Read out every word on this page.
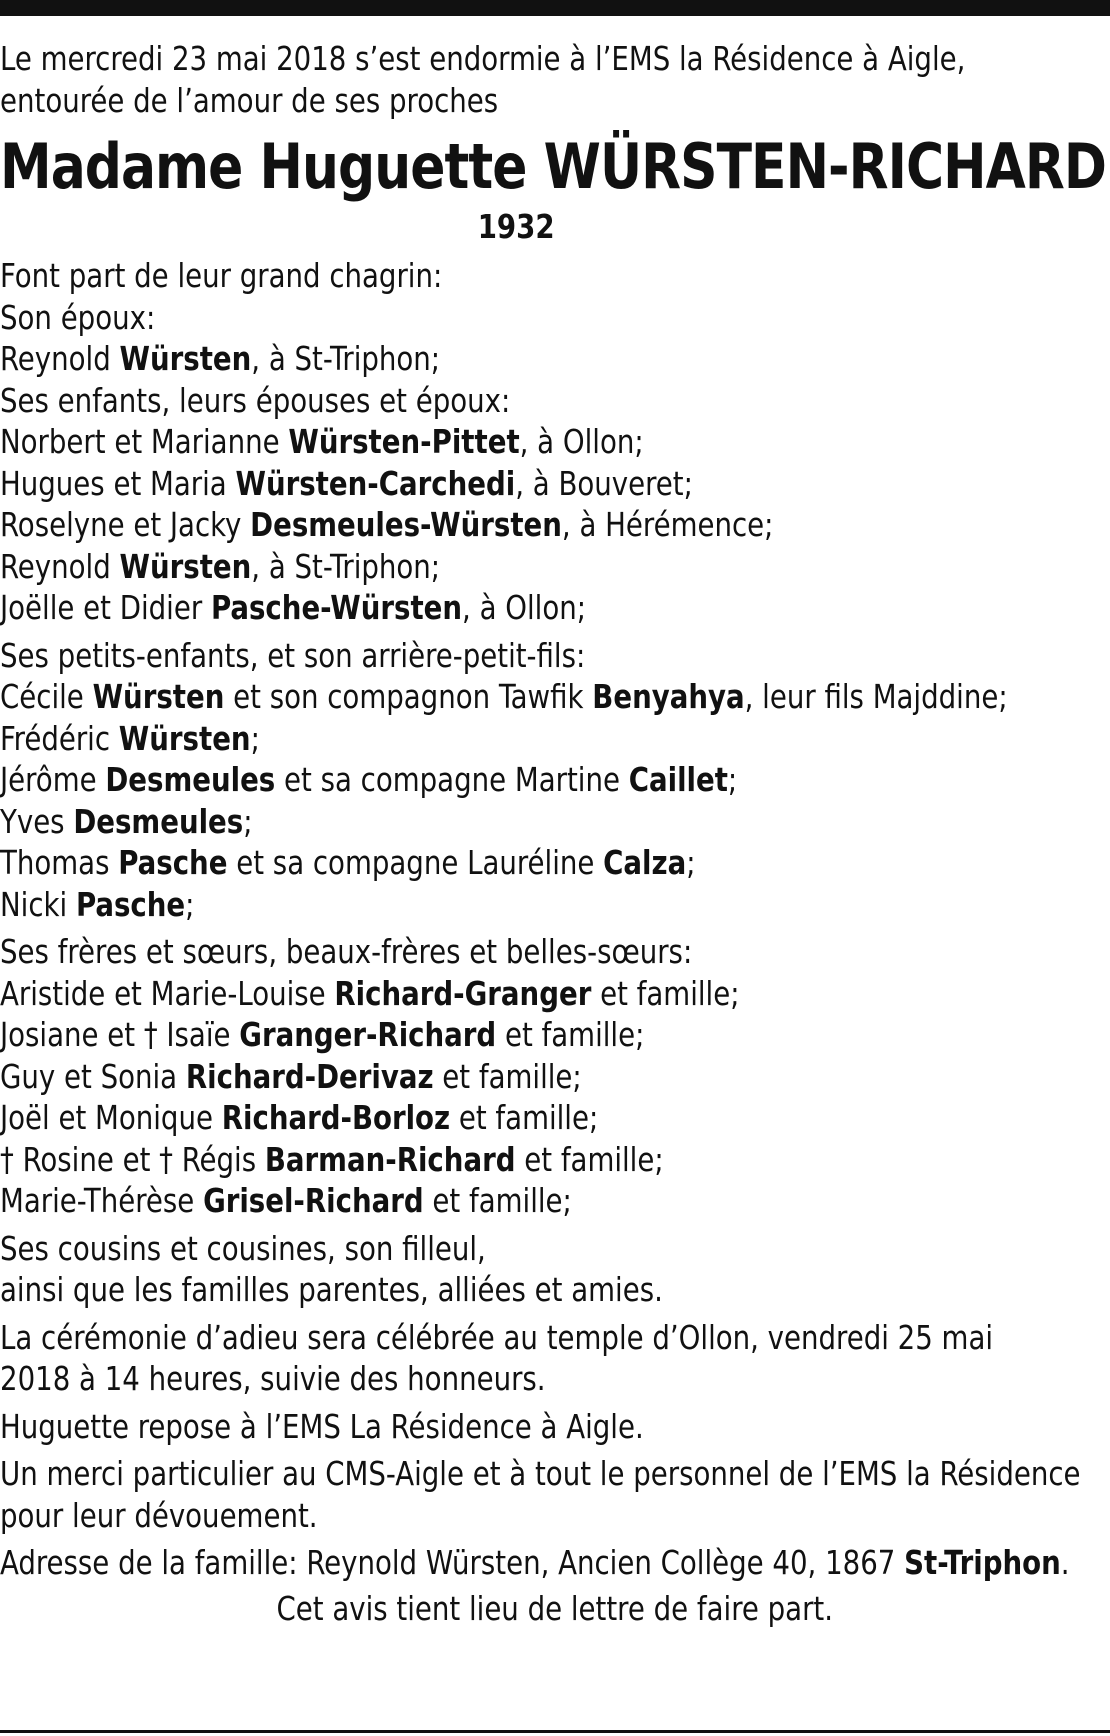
Le mercredi 23 mai 2018 s’est endormie à l’EMS la Résidence à Aigle,
entourée de l’amour de ses proches

Madame Huguette WÜRSTEN-RICHARD
1932
Font part de leur grand chagrin:
Son époux:
Reynold Würsten, à St-Triphon;
Ses enfants, leurs épouses et époux:
Norbert et Marianne Würsten-Pittet, à Ollon;
Hugues et Maria Würsten-Carchedi, à Bouveret;
Roselyne et Jacky Desmeules-Würsten, à Hérémence;
Reynold Würsten, à St-Triphon;
Joëlle et Didier Pasche-Würsten, à Ollon;
Ses petits-enfants, et son arrière-petit-fils:
Cécile Würsten et son compagnon Tawfik Benyahya, leur fils Majddine;
Frédéric Würsten;
Jérôme Desmeules et sa compagne Martine Caillet;
Yves Desmeules;
Thomas Pasche et sa compagne Lauréline Calza;
Nicki Pasche;
Ses frères et sœurs, beaux-frères et belles-sœurs:
Aristide et Marie-Louise Richard-Granger et famille;
Josiane et † Isaïe Granger-Richard et famille;
Guy et Sonia Richard-Derivaz et famille;
Joël et Monique Richard-Borloz et famille;
† Rosine et † Régis Barman-Richard et famille;
Marie-Thérèse Grisel-Richard et famille;
Ses cousins et cousines, son filleul,
ainsi que les familles parentes, alliées et amies.
La cérémonie d’adieu sera célébrée au temple d’Ollon, vendredi 25 mai
2018 à 14 heures, suivie des honneurs.
Huguette repose à l’EMS La Résidence à Aigle.
Un merci particulier au CMS-Aigle et à tout le personnel de l’EMS la Résidence
pour leur dévouement.
Adresse de la famille: Reynold Würsten, Ancien Collège 40, 1867 St-Triphon.
Cet avis tient lieu de lettre de faire part.
